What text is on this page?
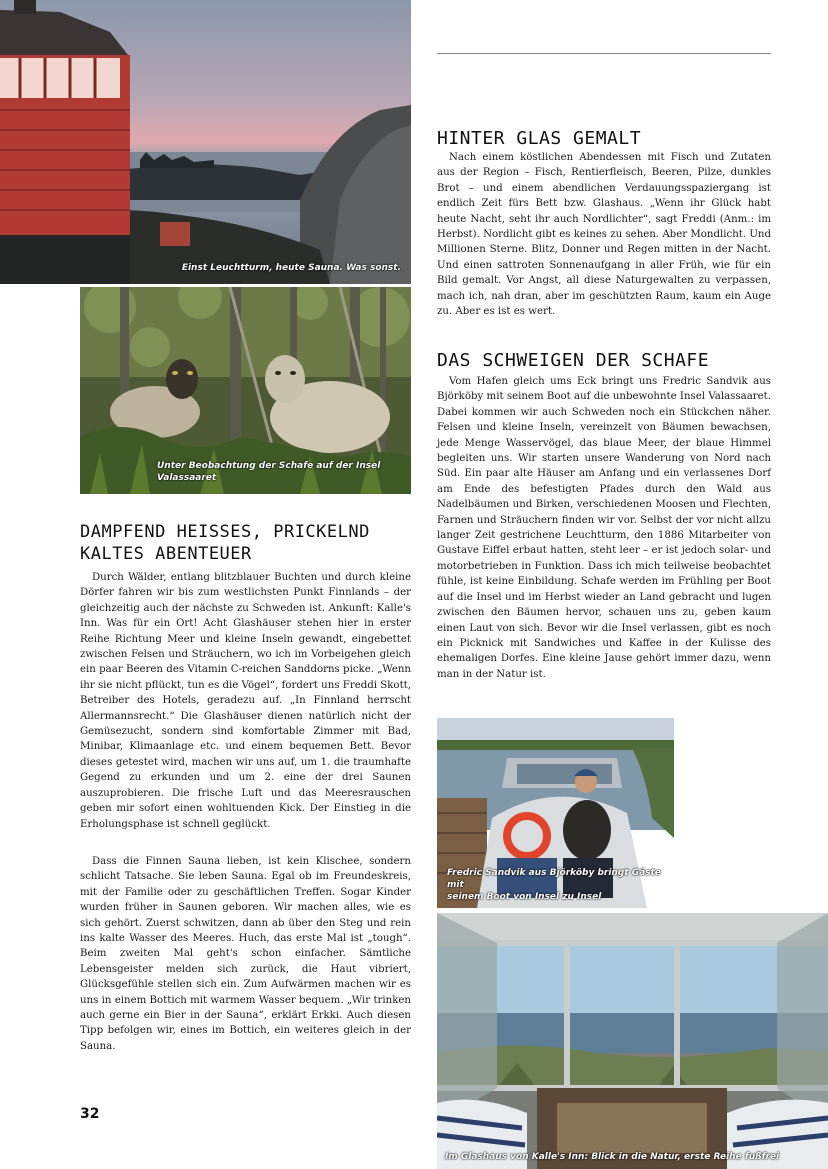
Einst Leuchtturm, heute Sauna. Was sonst.
Unter Beobachtung der Schafe auf der Insel Valassaaret
DAMPFEND HEISSES, PRICKELND
KALTES ABENTEUER

Durch Wälder, entlang blitzblauer Buchten und durch kleine Dörfer fahren wir bis zum westlichsten Punkt Finnlands – der gleichzeitig auch der nächste zu Schweden ist. Ankunft: Kalle's Inn. Was für ein Ort! Acht Glashäuser stehen hier in erster Reihe Richtung Meer und kleine Inseln gewandt, eingebettet zwischen Felsen und Sträuchern, wo ich im Vorbeigehen gleich ein paar Beeren des Vitamin C-reichen Sanddorns picke. „Wenn ihr sie nicht pflückt, tun es die Vögel“, fordert uns Freddi Skott, Betreiber des Hotels, geradezu auf. „In Finnland herrscht Allermannsrecht.“ Die Glashäuser dienen natürlich nicht der Gemüsezucht, sondern sind komfortable Zimmer mit Bad, Minibar, Klimaanlage etc. und einem bequemen Bett. Bevor dieses getestet wird, machen wir uns auf, um 1. die traumhafte Gegend zu erkunden und um 2. eine der drei Saunen auszuprobieren. Die frische Luft und das Meeresrauschen geben mir sofort einen wohltuenden Kick. Der Einstieg in die Erholungsphase ist schnell geglückt.

Dass die Finnen Sauna lieben, ist kein Klischee, sondern schlicht Tatsache. Sie leben Sauna. Egal ob im Freundeskreis, mit der Familie oder zu geschäftlichen Treffen. Sogar Kinder wurden früher in Saunen geboren. Wir machen alles, wie es sich gehört. Zuerst schwitzen, dann ab über den Steg und rein ins kalte Wasser des Meeres. Huch, das erste Mal ist „tough“. Beim zweiten Mal geht's schon einfacher. Sämtliche Lebensgeister melden sich zurück, die Haut vibriert, Glücksgefühle stellen sich ein. Zum Aufwärmen machen wir es uns in einem Bottich mit warmem Wasser bequem. „Wir trinken auch gerne ein Bier in der Sauna“, erklärt Erkki. Auch diesen Tipp befolgen wir, eines im Bottich, ein weiteres gleich in der Sauna.

HINTER GLAS GEMALT

Nach einem köstlichen Abendessen mit Fisch und Zutaten aus der Region – Fisch, Rentierfleisch, Beeren, Pilze, dunkles Brot – und einem abendlichen Verdauungsspaziergang ist endlich Zeit fürs Bett bzw. Glashaus. „Wenn ihr Glück habt heute Nacht, seht ihr auch Nordlichter“, sagt Freddi (Anm.: im Herbst). Nordlicht gibt es keines zu sehen. Aber Mondlicht. Und Millionen Sterne. Blitz, Donner und Regen mitten in der Nacht. Und einen sattroten Sonnenaufgang in aller Früh, wie für ein Bild gemalt. Vor Angst, all diese Naturgewalten zu verpassen, mach ich, nah dran, aber im geschützten Raum, kaum ein Auge zu. Aber es ist es wert.

DAS SCHWEIGEN DER SCHAFE

Vom Hafen gleich ums Eck bringt uns Fredric Sandvik aus Björköby mit seinem Boot auf die unbewohnte Insel Valassaaret. Dabei kommen wir auch Schweden noch ein Stückchen näher. Felsen und kleine Inseln, vereinzelt von Bäumen bewachsen, jede Menge Wasservögel, das blaue Meer, der blaue Himmel begleiten uns. Wir starten unsere Wanderung von Nord nach Süd. Ein paar alte Häuser am Anfang und ein verlassenes Dorf am Ende des befestigten Pfades durch den Wald aus Nadelbäumen und Birken, verschiedenen Moosen und Flechten, Farnen und Sträuchern finden wir vor. Selbst der vor nicht allzu langer Zeit gestrichene Leuchtturm, den 1886 Mitarbeiter von Gustave Eiffel erbaut hatten, steht leer – er ist jedoch solar- und motorbetrieben in Funktion. Dass ich mich teilweise beobachtet fühle, ist keine Einbildung. Schafe werden im Frühling per Boot auf die Insel und im Herbst wieder an Land gebracht und lugen zwischen den Bäumen hervor, schauen uns zu, geben kaum einen Laut von sich. Bevor wir die Insel verlassen, gibt es noch ein Picknick mit Sandwiches und Kaffee in der Kulisse des ehemaligen Dorfes. Eine kleine Jause gehört immer dazu, wenn man in der Natur ist.

Fredric Sandvik aus Björköby bringt Gäste mit
seinem Boot von Insel zu Insel
Im Glashaus von Kalle's Inn: Blick in die Natur, erste Reihe fußfrei
32
